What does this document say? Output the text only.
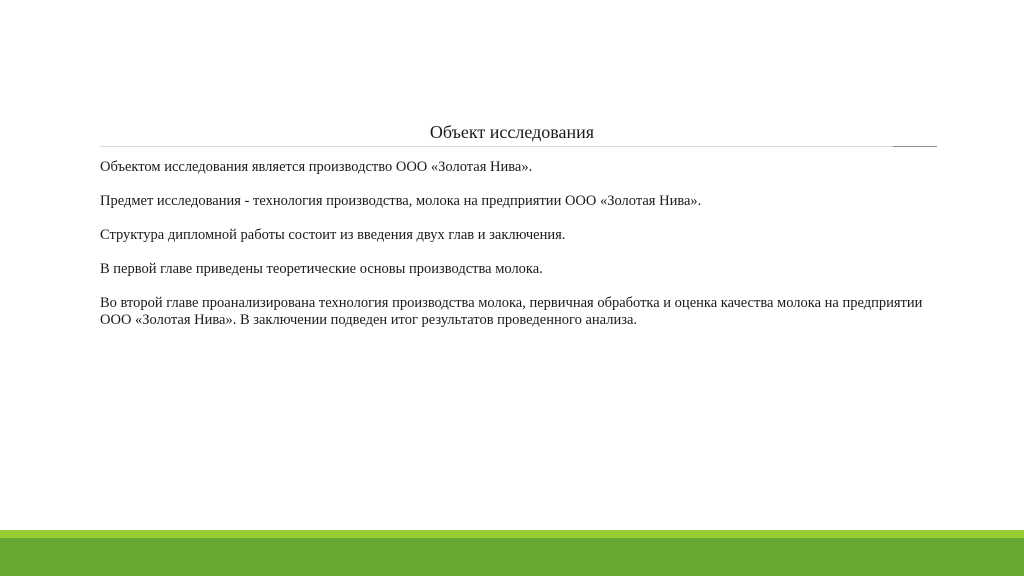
Объект исследования

Объектом исследования является производство ООО «Золотая Нива».

Предмет исследования - технология производства, молока на предприятии ООО «Золотая Нива».

Структура дипломной работы состоит из введения двух глав и заключения.

В первой главе приведены теоретические основы производства молока.

Во второй главе проанализирована технология производства молока, первичная обработка и оценка качества молока на предприятии ООО «Золотая Нива». В заключении подведен итог результатов проведенного анализа.
